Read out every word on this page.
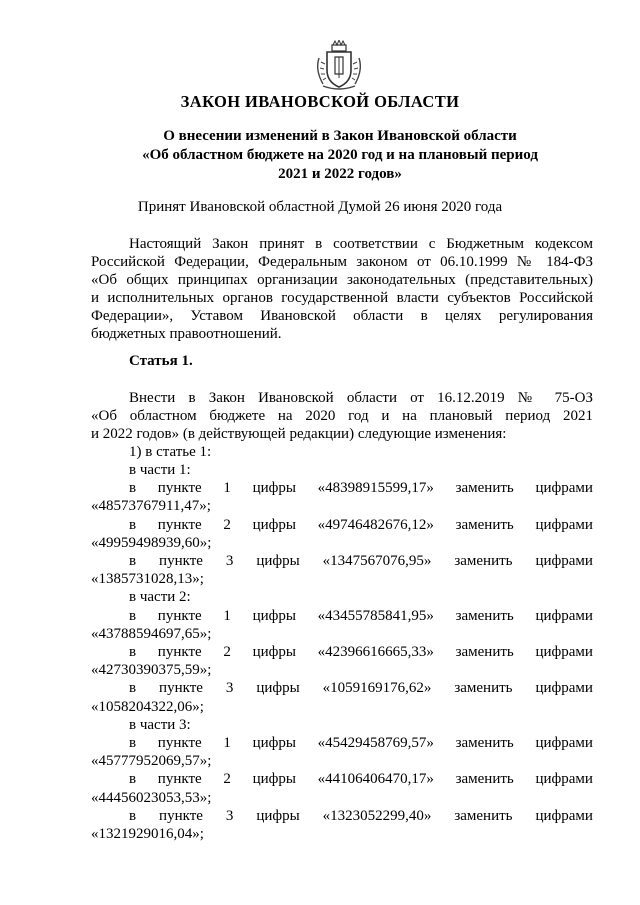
ЗАКОН ИВАНОВСКОЙ ОБЛАСТИ
О внесении изменений в Закон Ивановской области
«Об областном бюджете на 2020 год и на плановый период
2021 и 2022 годов»
Принят Ивановской областной Думой 26 июня 2020 года
Настоящий Закон принят в соответствии с Бюджетным кодексом
Российской Федерации, Федеральным законом от 06.10.1999 № 184-ФЗ
«Об общих принципах организации законодательных (представительных)
и исполнительных органов государственной власти субъектов Российской
Федерации», Уставом Ивановской области в целях регулирования
бюджетных правоотношений.
Статья 1.
Внести в Закон Ивановской области от 16.12.2019 № 75-ОЗ
«Об областном бюджете на 2020 год и на плановый период 2021
и 2022 годов» (в действующей редакции) следующие изменения:
1) в статье 1:
в части 1:
в пункте 1 цифры «48398915599,17» заменить цифрами
«48573767911,47»;
в пункте 2 цифры «49746482676,12» заменить цифрами
«49959498939,60»;
в пункте 3 цифры «1347567076,95» заменить цифрами
«1385731028,13»;
в части 2:
в пункте 1 цифры «43455785841,95» заменить цифрами
«43788594697,65»;
в пункте 2 цифры «42396616665,33» заменить цифрами
«42730390375,59»;
в пункте 3 цифры «1059169176,62» заменить цифрами
«1058204322,06»;
в части 3:
в пункте 1 цифры «45429458769,57» заменить цифрами
«45777952069,57»;
в пункте 2 цифры «44106406470,17» заменить цифрами
«44456023053,53»;
в пункте 3 цифры «1323052299,40» заменить цифрами
«1321929016,04»;
